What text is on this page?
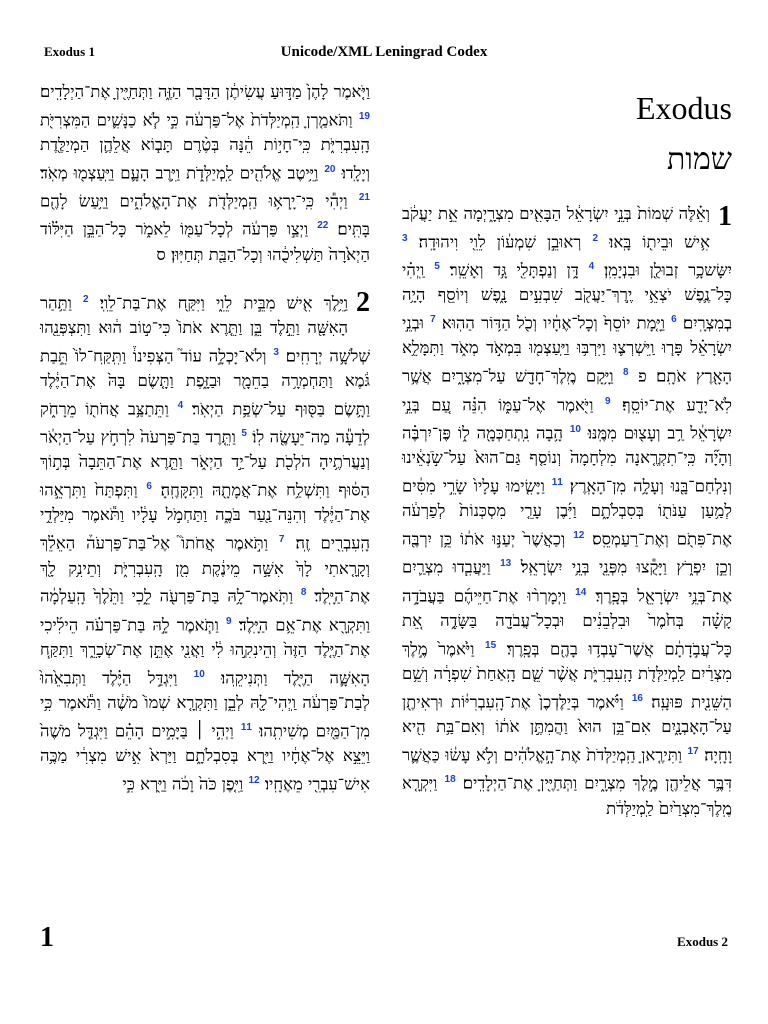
Exodus 1	Unicode/XML Leningrad Codex

וַיֹּ֤אמֶר לָהֶן֙ מַדּ֣וּעַ עֲשִׂיתֶ֔ן הַדָּבָ֖ר הַזֶּ֑ה וַתְּחַיֶּ֖יןָ אֶת־הַיְלָדִֽים׃ $^{19}$ וַתֹּאמַ֤רְןָ הַֽמְיַלְּדֹת֙ אֶל־פַּרְעֹ֔ה כִּ֣י לֹ֧א כַנָּשִׁ֛ים הַמִּצְרִיֹּ֖ת הָֽעִבְרִיֹּ֑ת כִּֽי־חָי֣וֹת הֵ֔נָּה בְּטֶ֨רֶם תָּב֧וֹא אֲלֵהֶ֛ן הַמְיַלֶּ֖דֶת וְיָלָֽדוּ׃ $^{20}$ וַיֵּ֥יטֶב אֱלֹהִ֖ים לַֽמְיַלְּדֹ֑ת וַיִּ֥רֶב הָעָ֛ם וַיַּֽעַצְמ֖וּ מְאֹֽד׃ $^{21}$ וַיְהִ֕י כִּֽי־יָֽרְא֥וּ הַֽמְיַלְּדֹ֖ת אֶת־הָאֱלֹהִ֑ים וַיַּ֥עַשׂ לָהֶ֖ם בָּתִּֽים׃ $^{22}$ וַיְצַ֣ו פַּרְעֹ֔ה לְכָל־עַמּ֖וֹ לֵאמֹ֑ר כָּל־הַבֵּ֣ן הַיִּלּ֗וֹד הַיְאֹ֙רָה֙ תַּשְׁלִיכֻ֔הוּ וְכָל־הַבַּ֖ת תְּחַיּֽוּן׃ ס

2
וַיֵּ֥לֶךְ אִ֖ישׁ מִבֵּ֣ית לֵוִ֑י וַיִּקַּ֖ח אֶת־בַּת־לֵוִֽי׃ $^2$ וַתַּ֥הַר הָאִשָּׁ֖ה וַתֵּ֣לֶד בֵּ֑ן וַתֵּ֤רֶא אֹתוֹ֙ כִּי־ט֣וֹב ה֔וּא וַתִּצְפְּנֵ֖הוּ שְׁלֹשָׁ֥ה יְרָחִֽים׃ $^3$ וְלֹא־יָכְלָ֣ה עוֹד֮ הַצְּפִינוֹ֒ וַתִּֽקַּֽח־לוֹ֙ תֵּ֣בַת גֹּ֔מֶא וַתַּחְמְרָ֥ה בַחֵמָ֖ר וּבַזָּ֑פֶת וַתָּ֤שֶׂם בָּהּ֙ אֶת־הַיֶּ֔לֶד וַתָּ֥שֶׂם בַּסּ֖וּף עַל־שְׂפַ֥ת הַיְאֹֽר׃ $^4$ וַתֵּתַצַּ֥ב אֲחֹת֖וֹ מֵרָחֹ֑ק לְדֵעָ֕ה מַה־יֵּעָשֶׂ֖ה לֽוֹ׃ $^5$ וַתֵּ֤רֶד בַּת־פַּרְעֹה֙ לִרְחֹ֣ץ עַל־הַיְאֹ֔ר וְנַעֲרֹתֶ֥יהָ הֹלְכֹ֖ת עַל־יַ֣ד הַיְאֹ֑ר וַתֵּ֤רֶא אֶת־הַתֵּבָה֙ בְּת֣וֹךְ הַסּ֔וּף וַתִּשְׁלַ֥ח אֶת־אֲמָתָ֖הּ וַתִּקָּחֶֽהָ׃ $^6$ וַתִּפְתַּח֙ וַתִּרְאֵ֣הוּ אֶת־הַיֶּ֔לֶד וְהִנֵּה־נַ֖עַר בֹּכֶ֑ה וַתַּחְמֹ֣ל עָלָ֔יו וַתֹּ֕אמֶר מִיַּלְדֵ֥י הָֽעִבְרִ֖ים זֶֽה׃ $^7$ וַתֹּ֣אמֶר אֲחֹתוֹ֮ אֶל־בַּת־פַּרְעֹה֒ הַאֵלֵ֗ךְ וְקָרָ֤אתִי לָךְ֙ אִשָּׁ֣ה מֵינֶ֔קֶת מִ֖ן הָֽעִבְרִיֹּ֑ת וְתֵינִ֥ק לָ֖ךְ אֶת־הַיָּֽלֶד׃ $^8$ וַתֹּֽאמֶר־לָ֥הּ בַּת־פַּרְעֹ֖ה לֵ֑כִי וַתֵּ֙לֶךְ֙ הָֽעַלְמָ֔ה וַתִּקְרָ֖א אֶת־אֵ֥ם הַיָּֽלֶד׃ $^9$ וַתֹּ֧אמֶר לָ֣הּ בַּת־פַּרְעֹ֗ה הֵילִ֜יכִי אֶת־הַיֶּ֤לֶד הַזֶּה֙ וְהֵינִקִ֣הוּ לִ֔י וַאֲנִ֖י אֶתֵּ֣ן אֶת־שְׂכָרֵ֑ךְ וַתִּקַּ֧ח הָאִשָּׁ֛ה הַיֶּ֖לֶד וַתְּנִיקֵֽהוּ׃ $^{10}$ וַיִּגְדַּ֣ל הַיֶּ֗לֶד וַתְּבִאֵ֙הוּ֙ לְבַת־פַּרְעֹ֔ה וַֽיְהִי־לָ֖הּ לְבֵ֑ן וַתִּקְרָ֤א שְׁמוֹ֙ מֹשֶׁ֔ה וַתֹּ֕אמֶר כִּ֥י מִן־הַמַּ֖יִם מְשִׁיתִֽהוּ׃ $^{11}$ וַיְהִ֣י ׀ בַּיָּמִ֣ים הָהֵ֗ם וַיִּגְדַּ֤ל מֹשֶׁה֙ וַיֵּצֵ֣א אֶל־אֶחָ֔יו וַיַּ֖רְא בְּסִבְלֹתָ֑ם וַיַּרְא֙ אִ֣ישׁ מִצְרִ֔י מַכֶּ֥ה אִישׁ־עִבְרִ֖י מֵאֶחָֽיו׃ $^{12}$ וַיִּ֤פֶן כֹּה֙ וָכֹ֔ה וַיַּ֖רְא כִּ֣י

Exodus
שמות

1
וְאֵ֗לֶּה שְׁמוֹת֙ בְּנֵ֣י יִשְׂרָאֵ֔ל הַבָּאִ֖ים מִצְרָ֑יְמָה אֵ֣ת יַעֲקֹ֔ב אִ֥ישׁ וּבֵית֖וֹ בָּֽאוּ׃ $^2$ רְאוּבֵ֣ן שִׁמְע֔וֹן לֵוִ֖י וִיהוּדָֽה׃ $^3$ יִשָּׂשכָ֥ר זְבוּלֻ֖ן וּבִנְיָמִֽן׃ $^4$ דָּ֥ן וְנַפְתָּלִ֖י גָּ֥ד וְאָשֵֽׁר׃ $^5$ וַֽיְהִ֗י כָּל־נֶ֛פֶשׁ יֹצְאֵ֥י יֶֽרֶךְ־יַעֲקֹ֖ב שִׁבְעִ֣ים נָ֑פֶשׁ וְיוֹסֵ֖ף הָיָ֥ה בְמִצְרָֽיִם׃ $^6$ וַיָּ֤מָת יוֹסֵף֙ וְכָל־אֶחָ֔יו וְכֹ֖ל הַדּ֥וֹר הַהֽוּא׃ $^7$ וּבְנֵ֣י יִשְׂרָאֵ֗ל פָּר֧וּ וַֽיִּשְׁרְצ֛וּ וַיִּרְבּ֥וּ וַיַּֽעַצְמ֖וּ בִּמְאֹ֣ד מְאֹ֑ד וַתִּמָּלֵ֥א הָאָ֖רֶץ אֹתָֽם׃ פ $^8$ וַיָּ֥קָם מֶֽלֶךְ־חָדָ֖שׁ עַל־מִצְרָ֑יִם אֲשֶׁ֥ר לֹֽא־יָדַ֖ע אֶת־יוֹסֵֽף׃ $^9$ וַיֹּ֖אמֶר אֶל־עַמּ֑וֹ הִנֵּ֗ה עַ֚ם בְּנֵ֣י יִשְׂרָאֵ֔ל רַ֥ב וְעָצ֖וּם מִמֶּֽנּוּ׃ $^{10}$ הָ֥בָה נִֽתְחַכְּמָ֖ה ל֑וֹ פֶּן־יִרְבֶּ֗ה וְהָיָ֞ה כִּֽי־תִקְרֶ֤אנָה מִלְחָמָה֙ וְנוֹסַ֤ף גַּם־הוּא֙ עַל־שֹׂ֣נְאֵ֔ינוּ וְנִלְחַם־בָּ֖נוּ וְעָלָ֥ה מִן־הָאָֽרֶץ׃ $^{11}$ וַיָּשִׂ֤ימוּ עָלָיו֙ שָׂרֵ֣י מִסִּ֔ים לְמַ֥עַן עַנֹּת֖וֹ בְּסִבְלֹתָ֑ם וַיִּ֜בֶן עָרֵ֤י מִסְכְּנוֹת֙ לְפַרְעֹ֔ה אֶת־פִּתֹ֖ם וְאֶת־רַעַמְסֵֽס׃ $^{12}$ וְכַאֲשֶׁר֙ יְעַנּ֣וּ אֹת֔וֹ כֵּ֥ן יִרְבֶּ֖ה וְכֵ֣ן יִפְרֹ֑ץ וַיָּקֻ֕צוּ מִפְּנֵ֖י בְּנֵ֥י יִשְׂרָאֵֽל׃ $^{13}$ וַיַּעֲבִ֧דוּ מִצְרַ֛יִם אֶת־בְּנֵ֥י יִשְׂרָאֵ֖ל בְּפָֽרֶךְ׃ $^{14}$ וַיְמָרְר֨וּ אֶת־חַיֵּיהֶ֜ם בַּעֲבֹדָ֣ה קָשָׁ֗ה בְּחֹ֙מֶר֙ וּבִלְבֵנִ֔ים וּבְכָל־עֲבֹדָ֖ה בַּשָּׂדֶ֑ה אֵ֚ת כָּל־עֲבֹ֣דָתָ֔ם אֲשֶׁר־עָבְד֥וּ בָהֶ֖ם בְּפָֽרֶךְ׃ $^{15}$ וַיֹּ֙אמֶר֙ מֶ֣לֶךְ מִצְרַ֔יִם לַֽמְיַלְּדֹ֖ת הָֽעִבְרִיֹּ֑ת אֲשֶׁ֨ר שֵׁ֤ם הָֽאַחַת֙ שִׁפְרָ֔ה וְשֵׁ֥ם הַשֵּׁנִ֖ית פּוּעָֽה׃ $^{16}$ וַיֹּ֗אמֶר בְּיַלֶּדְכֶן֙ אֶת־הָֽעִבְרִיּ֔וֹת וּרְאִיתֶ֖ן עַל־הָאָבְנָ֑יִם אִם־בֵּ֥ן הוּא֙ וַהֲמִתֶּ֣ן אֹת֔וֹ וְאִם־בַּ֥ת הִ֖יא וָחָֽיָה׃ $^{17}$ וַתִּירֶ֤אןָ הַֽמְיַלְּדֹת֙ אֶת־הָ֣אֱלֹהִ֔ים וְלֹ֣א עָשׂ֔וּ כַּאֲשֶׁ֛ר דִּבֶּ֥ר אֲלֵיהֶ֖ן מֶ֣לֶךְ מִצְרָ֑יִם וַתְּחַיֶּ֖יןָ אֶת־הַיְלָדִֽים׃ $^{18}$ וַיִּקְרָ֤א מֶֽלֶךְ־מִצְרַ֙יִם֙ לַֽמְיַלְּדֹ֔ת

1	Exodus 2
